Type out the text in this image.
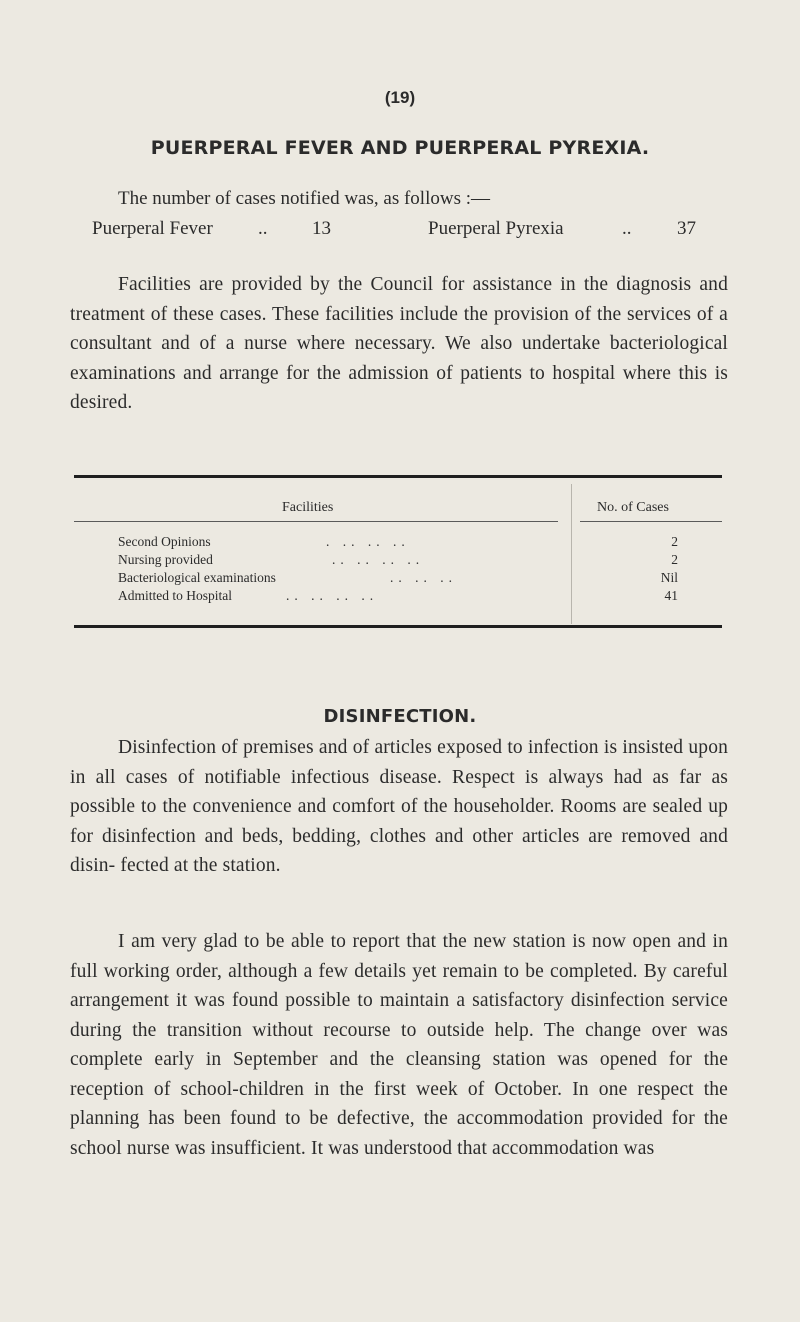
(19)
PUERPERAL FEVER AND PUERPERAL PYREXIA.
The number of cases notified was, as follows :—
Puerperal Fever .. 13	Puerperal Pyrexia	.. 37
Facilities are provided by the Council for assistance in the diagnosis and treatment of these cases. These facilities include the provision of the services of a consultant and of a nurse where necessary. We also undertake bacteriological examinations and arrange for the admission of patients to hospital where this is desired.
Facilities	No. of Cases
Second Opinions	. .. .. ..	2
Nursing provided	.. .. .. ..	2
Bacteriological examinations	.. .. ..	Nil
Admitted to Hospital	.. .. .. ..	41
DISINFECTION.
Disinfection of premises and of articles exposed to infection is insisted upon in all cases of notifiable infectious disease. Respect is always had as far as possible to the convenience and comfort of the householder. Rooms are sealed up for disinfection and beds, bedding, clothes and other articles are removed and disin- fected at the station.
I am very glad to be able to report that the new station is now open and in full working order, although a few details yet remain to be completed. By careful arrangement it was found possible to maintain a satisfactory disinfection service during the transition without recourse to outside help. The change over was complete early in September and the cleansing station was opened for the reception of school-children in the first week of October. In one respect the planning has been found to be defective, the accommodation provided for the school nurse was insufficient. It was understood that accommodation was
